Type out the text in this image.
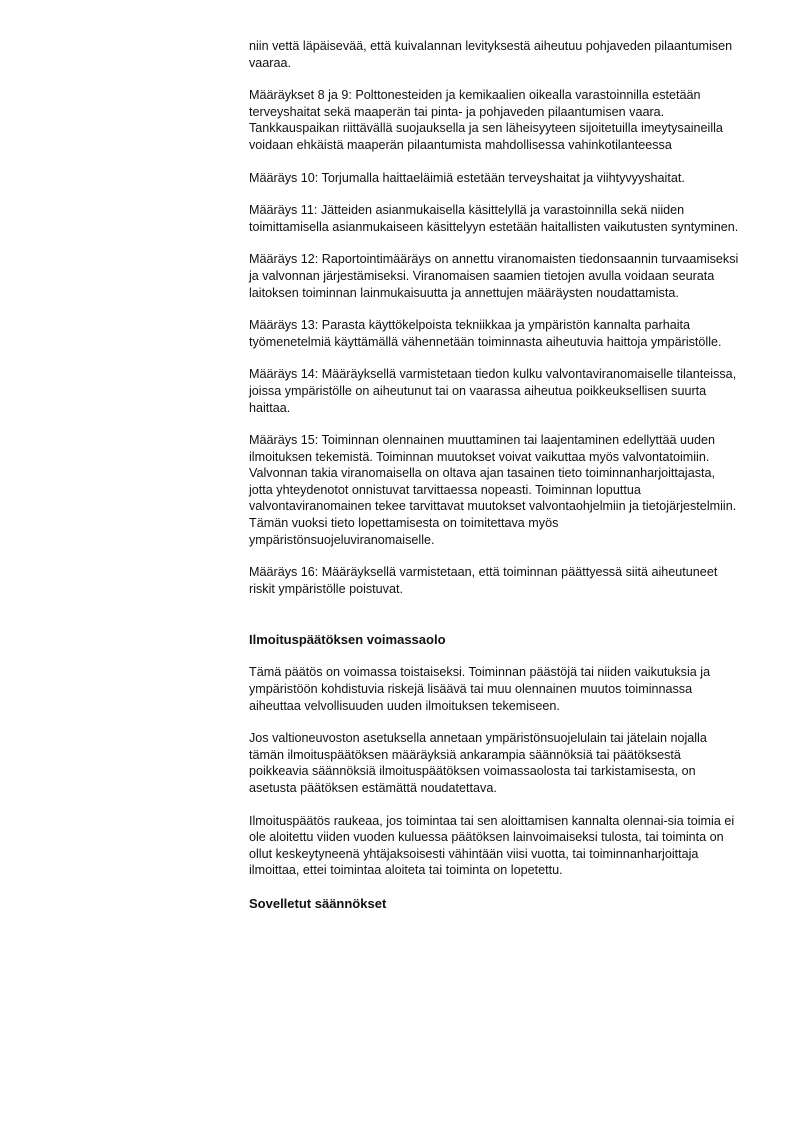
niin vettä läpäisevää, että kuivalannan levityksestä aiheutuu pohjaveden pilaantumisen vaaraa.

Määräykset 8 ja 9: Polttonesteiden ja kemikaalien oikealla varastoinnilla estetään terveyshaitat sekä maaperän tai pinta- ja pohjaveden pilaantumisen vaara. Tankkauspaikan riittävällä suojauksella ja sen läheisyyteen sijoitetuilla imeytysaineilla voidaan ehkäistä maaperän pilaantumista mahdollisessa vahinkotilanteessa

Määräys 10: Torjumalla haittaeläimiä estetään terveyshaitat ja viihtyvyyshaitat.

Määräys 11: Jätteiden asianmukaisella käsittelyllä ja varastoinnilla sekä niiden toimittamisella asianmukaiseen käsittelyyn estetään haitallisten vaikutusten syntyminen.

Määräys 12: Raportointimääräys on annettu viranomaisten tiedonsaannin turvaamiseksi ja valvonnan järjestämiseksi. Viranomaisen saamien tietojen avulla voidaan seurata laitoksen toiminnan lainmukaisuutta ja annettujen määräysten noudattamista.

Määräys 13: Parasta käyttökelpoista tekniikkaa ja ympäristön kannalta parhaita työmenetelmiä käyttämällä vähennetään toiminnasta aiheutuvia haittoja ympäristölle.

Määräys 14: Määräyksellä varmistetaan tiedon kulku valvontaviranomaiselle tilanteissa, joissa ympäristölle on aiheutunut tai on vaarassa aiheutua poikkeuksellisen suurta haittaa.

Määräys 15: Toiminnan olennainen muuttaminen tai laajentaminen edellyttää uuden ilmoituksen tekemistä. Toiminnan muutokset voivat vaikuttaa myös valvontatoimiin. Valvonnan takia viranomaisella on oltava ajan tasainen tieto toiminnanharjoittajasta, jotta yhteydenotot onnistuvat tarvittaessa nopeasti. Toiminnan loputtua valvontaviranomainen tekee tarvittavat muutokset valvontaohjelmiin ja tietojärjestelmiin. Tämän vuoksi tieto lopettamisesta on toimitettava myös ympäristönsuojeluviranomaiselle.

Määräys 16: Määräyksellä varmistetaan, että toiminnan päättyessä siitä aiheutuneet riskit ympäristölle poistuvat.

Ilmoituspäätöksen voimassaolo

Tämä päätös on voimassa toistaiseksi. Toiminnan päästöjä tai niiden vaikutuksia ja ympäristöön kohdistuvia riskejä lisäävä tai muu olennainen muutos toiminnassa aiheuttaa velvollisuuden uuden ilmoituksen tekemiseen.

Jos valtioneuvoston asetuksella annetaan ympäristönsuojelulain tai jätelain nojalla tämän ilmoituspäätöksen määräyksiä ankarampia säännöksiä tai päätöksestä poikkeavia säännöksiä ilmoituspäätöksen voimassaolosta tai tarkistamisesta, on asetusta päätöksen estämättä noudatettava.

Ilmoituspäätös raukeaa, jos toimintaa tai sen aloittamisen kannalta olennai-sia toimia ei ole aloitettu viiden vuoden kuluessa päätöksen lainvoimaiseksi tulosta, tai toiminta on ollut keskeytyneenä yhtäjaksoisesti vähintään viisi vuotta, tai toiminnanharjoittaja ilmoittaa, ettei toimintaa aloiteta tai toiminta on lopetettu.

Sovelletut säännökset
